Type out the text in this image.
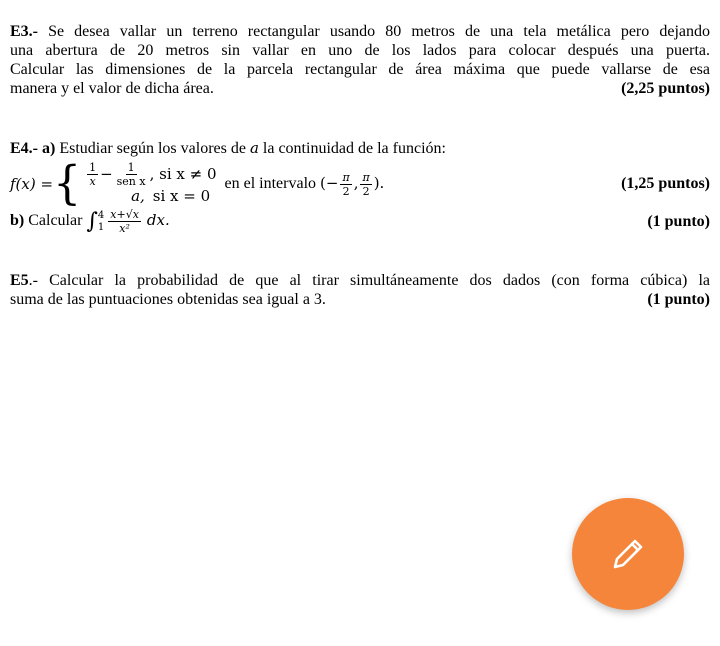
E3.- Se desea vallar un terreno rectangular usando 80 metros de una tela metálica pero dejando

una abertura de 20 metros sin vallar en uno de los lados para colocar después una puerta.

Calcular las dimensiones de la parcela rectangular de área máxima que puede vallarse de esa

manera y el valor de dicha área.	(2,25 puntos)

E4.- a) Estudiar según los valores de a la continuidad de la función:

f(x) = { $\frac{1}{x} - \frac{1}{\text{sen x}}$ , si x ≠ 0
a,
si x = 0
en el intervalo (− $\frac{\pi}{2}$ , $\frac{\pi}{2}$ ).	(1,25 puntos)
b) Calcular ∫ 4
$1 \frac{x+√x}{\text{x²}}$ dx.	(1 punto)

E5.- Calcular la probabilidad de que al tirar simultáneamente dos dados (con forma cúbica) la

suma de las puntuaciones obtenidas sea igual a 3.	(1 punto)
